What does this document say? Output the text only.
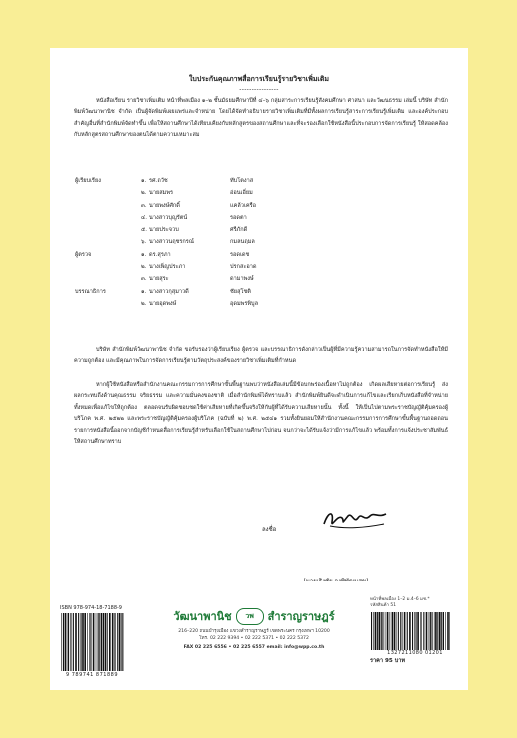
ใบประกันคุณภาพสื่อการเรียนรู้รายวิชาเพิ่มเติม
----------------
หนังสือเรียน รายวิชาเพิ่มเติม หน้าที่พลเมือง ๑–๒ ชั้นมัธยมศึกษาปีที่ ๔–๖ กลุ่มสาระการเรียนรู้สังคมศึกษา ศาสนา และวัฒนธรรม เล่มนี้ บริษัท สำนักพิมพ์วัฒนาพานิช จำกัด เป็นผู้จัดพิมพ์เผยแพร่และจำหน่าย โดยได้จัดทำอธิบายรายวิชาเพิ่มเติมที่มีทั้งผลการเรียนรู้สาระการเรียนรู้เพิ่มเติม และองค์ประกอบสำคัญอื่นที่สำนักพิมพ์จัดทำขึ้น เพื่อให้สถานศึกษาได้เทียบเคียงกับหลักสูตรของสถานศึกษาและที่จะรองเลือกใช้หนังสือนี้ประกอบการจัดการเรียนรู้ ให้สอดคล้องกับหลักสูตรสถานศึกษาของตนได้ตามความเหมาะสม
ผู้เรียบเรียง	๑. รศ.ถวัช	ทับโตงาส
๒. นายสมพร	อ่อนเอี่ยม
๓. นายพงษ์ศักดิ์	แคล้วเครือ
๔. นางสาวบุญรัตน์	รอดตา
๕. นายประจวบ	ศรีภักดี
๖. นางสาวนฤชรกรณ์	กมลนฤมล
ผู้ตรวจ	๑. ดร.สุรภา	รอดเดช
๒. นางเพ็ญประภา	ปรกสะอาด
๓. นายสุระ	ดามาพงษ์
บรรณาธิการ	๑. นางสาวกุสุมาวดี	ชัยสุโชติ
๒. นายอุดพงษ์	อุดมพรพิบูล
บริษัท สำนักพิมพ์วัฒนาพานิช จำกัด ขอรับรองว่าผู้เรียบเรียง ผู้ตรวจ และบรรณาธิการดังกล่าวเป็นผู้ที่มีความรู้ความสามารถในการจัดทำหนังสือให้มีความถูกต้อง และมีคุณภาพในการจัดการเรียนรู้ตามวัตถุประสงค์ของรายวิชาเพิ่มเติมที่กำหนด
หากผู้ใช้หนังสือหรือสำนักงานคณะกรรมการการศึกษาขั้นพื้นฐานพบว่าหนังสือเล่มนี้มีข้อบกพร่องเนื้อหาไม่ถูกต้อง เกิดผลเสียหายต่อการเรียนรู้ ส่งผลกระทบถึงด้านคุณธรรม จริยธรรม และความมั่นคงของชาติ เมื่อสำนักพิมพ์ได้ทราบแล้ว สำนักพิมพ์ยินดีจะดำเนินการแก้ไขและเรียกเก็บหนังสือที่จำหน่ายทั้งหมดเพื่อแก้ไขให้ถูกต้อง ตลอดจนรับผิดชอบชดใช้ค่าเสียหายที่เกิดขึ้นจริงให้กับผู้ที่ได้รับความเสียหายนั้น ทั้งนี้ ให้เป็นไปตามพระราชบัญญัติคุ้มครองผู้บริโภค พ.ศ. ๒๕๒๒ และพระราชบัญญัติคุ้มครองผู้บริโภค (ฉบับที่ ๒) พ.ศ. ๒๕๔๑ รวมทั้งยินยอมให้สำนักงานคณะกรรมการการศึกษาขั้นพื้นฐานถอดถอนรายการหนังสือนี้ออกจากบัญชีกำหนดสื่อการเรียนรู้สำหรับเลือกใช้ในสถานศึกษาไปก่อน จนกว่าจะได้รับแจ้งว่ามีการแก้ไขแล้ว พร้อมทั้งการแจ้งประชาสัมพันธ์ให้สถานศึกษาทราบ
ลงชื่อ
ISBN 978-974-18-7188-9
9 789741 871889
วัฒนาพานิช วพ สำราญราษฎร์
216–220 ถนนบำรุงเมือง แขวงสำราญราษฎร์ เขตพระนคร กรุงเทพฯ 10200
โทร. 02 222 9394 • 02 222 5371 • 02 222 5372
FAX 02 225 6556 • 02 225 6557 email: info@wpp.co.th
หน้าที่พลเมือง 1–2 ม.4–6 มช.*
รหัสสินค้า 51
1327211080 01201
ราคา 95 บาท
